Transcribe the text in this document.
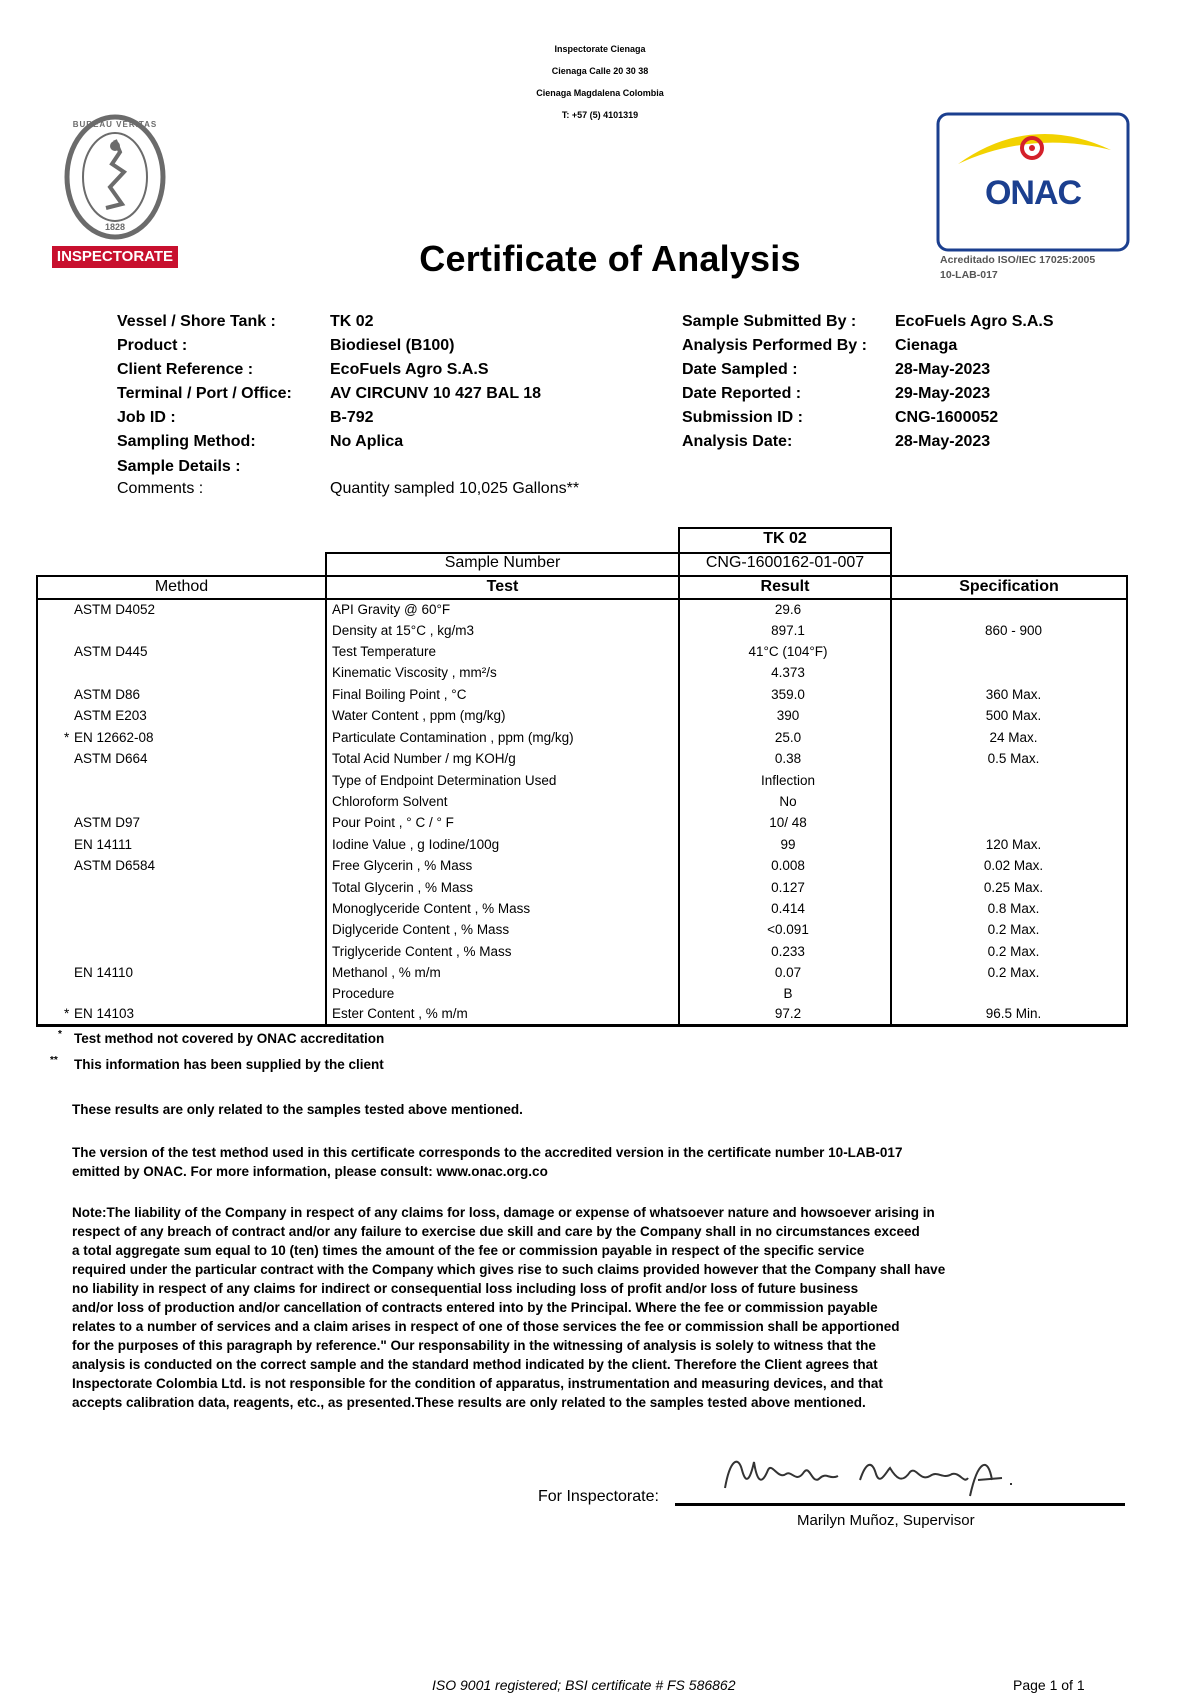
Inspectorate Cienaga
Cienaga Calle 20 30 38
Cienaga Magdalena Colombia
T: +57 (5) 4101319
BUREAU VERITAS
1828
INSPECTORATE
ONAC
Acreditado ISO/IEC 17025:2005
10-LAB-017
Certificate of Analysis
Vessel / Shore Tank :	TK 02
Product :	Biodiesel (B100)
Client Reference :	EcoFuels Agro S.A.S
Terminal / Port / Office: AV CIRCUNV 10 427 BAL 18
Job ID :	B-792
Sampling Method:	No Aplica
Sample Details :
Comments :	Quantity sampled 10,025 Gallons**
Sample Submitted By : EcoFuels Agro S.A.S
Analysis Performed By : Cienaga
Date Sampled :	28-May-2023
Date Reported :	29-May-2023
Submission ID :	CNG-1600052
Analysis Date:	28-May-2023
TK 02
Sample Number	CNG-1600162-01-007
Method	Test	Result	Specification
ASTM D4052	API Gravity @ 60°F	29.6
Density at 15°C , kg/m3	897.1	860 - 900
ASTM D445	Test Temperature	41°C (104°F)
Kinematic Viscosity , mm²/s	4.373
ASTM D86	Final Boiling Point , °C	359.0	360 Max.
ASTM E203	Water Content , ppm (mg/kg)	390	500 Max.
* EN 12662-08	Particulate Contamination , ppm (mg/kg)	25.0	24 Max.
ASTM D664	Total Acid Number / mg KOH/g	0.38	0.5 Max.
Type of Endpoint Determination Used	Inflection
Chloroform Solvent	No
ASTM D97	Pour Point , ° C / ° F	10/ 48
EN 14111	Iodine Value , g Iodine/100g	99	120 Max.
ASTM D6584	Free Glycerin , % Mass	0.008	0.02 Max.
Total Glycerin , % Mass	0.127	0.25 Max.
Monoglyceride Content , % Mass	0.414	0.8 Max.
Diglyceride Content , % Mass	<0.091	0.2 Max.
Triglyceride Content , % Mass	0.233	0.2 Max.
EN 14110	Methanol , % m/m	0.07	0.2 Max.
Procedure	B
* EN 14103	Ester Content , % m/m	97.2	96.5 Min.
* Test method not covered by ONAC accreditation
** This information has been supplied by the client
These results are only related to the samples tested above mentioned.
The version of the test method used in this certificate corresponds to the accredited version in the certificate number 10-LAB-017
emitted by ONAC. For more information, please consult: www.onac.org.co
Note:The liability of the Company in respect of any claims for loss, damage or expense of whatsoever nature and howsoever arising in
respect of any breach of contract and/or any failure to exercise due skill and care by the Company shall in no circumstances exceed
a total aggregate sum equal to 10 (ten) times the amount of the fee or commission payable in respect of the specific service
required under the particular contract with the Company which gives rise to such claims provided however that the Company shall have
no liability in respect of any claims for indirect or consequential loss including loss of profit and/or loss of future business
and/or loss of production and/or cancellation of contracts entered into by the Principal. Where the fee or commission payable
relates to a number of services and a claim arises in respect of one of those services the fee or commission shall be apportioned
for the purposes of this paragraph by reference." Our responsability in the witnessing of analysis is solely to witness that the
analysis is conducted on the correct sample and the standard method indicated by the client. Therefore the Client agrees that
Inspectorate Colombia Ltd. is not responsible for the condition of apparatus, instrumentation and measuring devices, and that
accepts calibration data, reagents, etc., as presented.These results are only related to the samples tested above mentioned.
For Inspectorate:
Marilyn Muñoz, Supervisor
ISO 9001 registered; BSI certificate # FS 586862	Page 1 of 1
